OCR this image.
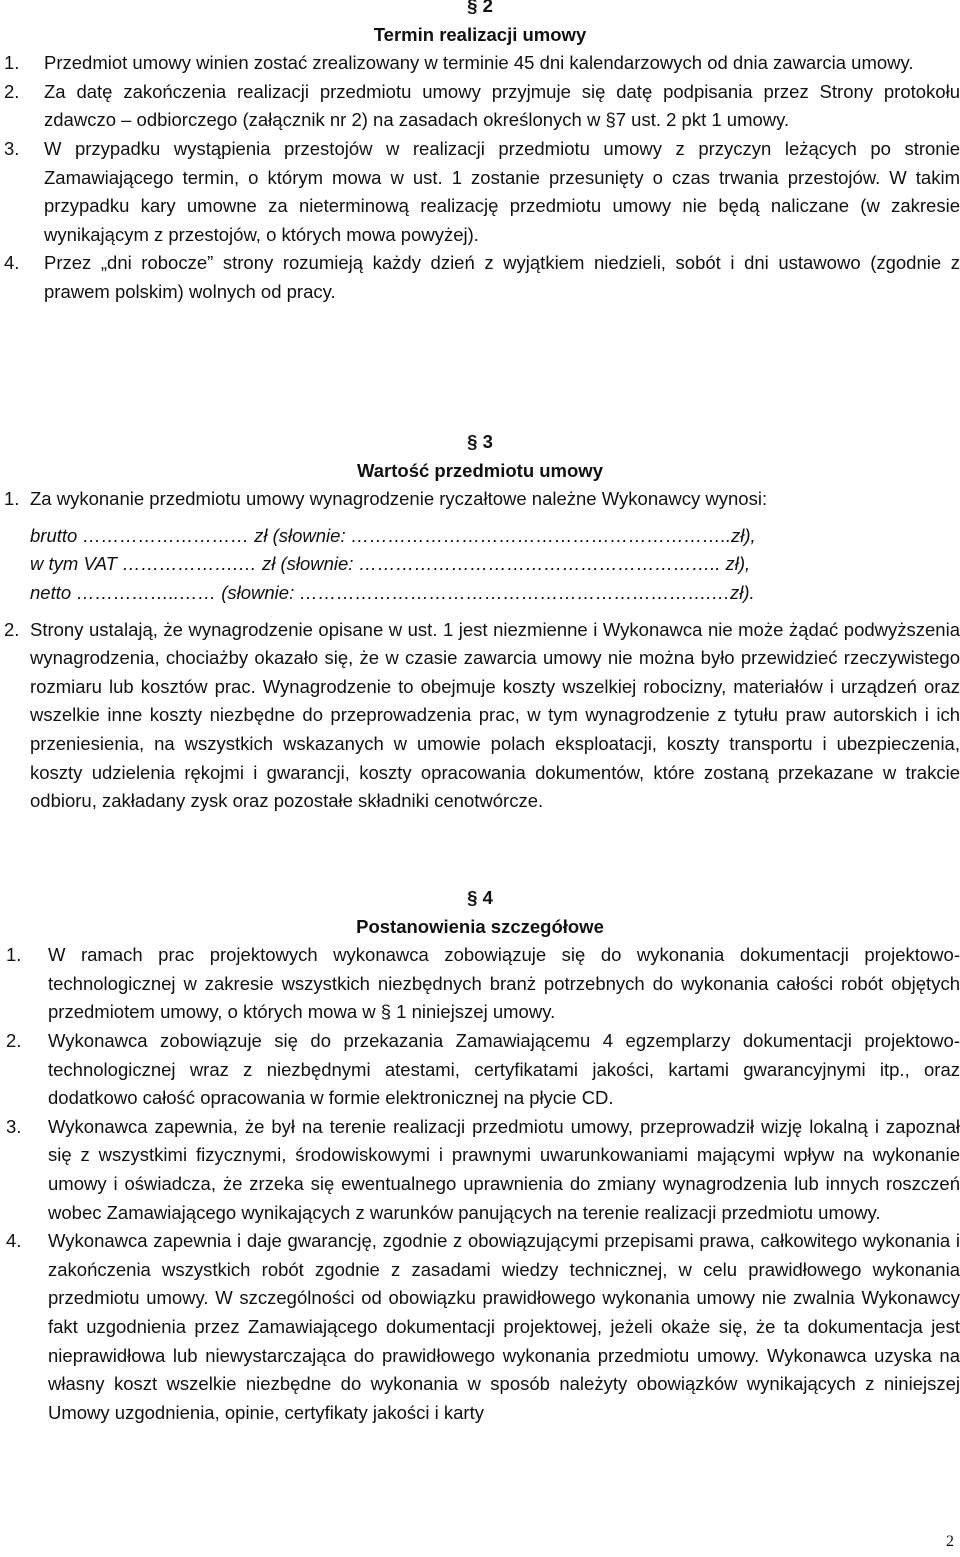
§ 2
Termin realizacji umowy
1. Przedmiot umowy winien zostać zrealizowany w terminie 45 dni kalendarzowych od dnia zawarcia umowy.
2. Za datę zakończenia realizacji przedmiotu umowy przyjmuje się datę podpisania przez Strony protokołu zdawczo – odbiorczego (załącznik nr 2) na zasadach określonych w §7 ust. 2 pkt 1 umowy.
3. W przypadku wystąpienia przestojów w realizacji przedmiotu umowy z przyczyn leżących po stronie Zamawiającego termin, o którym mowa w ust. 1 zostanie przesunięty o czas trwania przestojów. W takim przypadku kary umowne za nieterminową realizację przedmiotu umowy nie będą naliczane (w zakresie wynikającym z przestojów, o których mowa powyżej).
4. Przez „dni robocze” strony rozumieją każdy dzień z wyjątkiem niedzieli, sobót i dni ustawowo (zgodnie z prawem polskim) wolnych od pracy.
§ 3
Wartość przedmiotu umowy
1. Za wykonanie przedmiotu umowy wynagrodzenie ryczałtowe należne Wykonawcy wynosi:
brutto ……………………… zł (słownie: ……………………………………………………..zł),
w tym VAT ……………….… zł (słownie: ………………………………………………….. zł),
netto ……………..…… (słownie: ………………………………………………………….…zł).
2. Strony ustalają, że wynagrodzenie opisane w ust. 1 jest niezmienne i Wykonawca nie może żądać podwyższenia wynagrodzenia, chociażby okazało się, że w czasie zawarcia umowy nie można było przewidzieć rzeczywistego rozmiaru lub kosztów prac. Wynagrodzenie to obejmuje koszty wszelkiej robocizny, materiałów i urządzeń oraz wszelkie inne koszty niezbędne do przeprowadzenia prac, w tym wynagrodzenie z tytułu praw autorskich i ich przeniesienia, na wszystkich wskazanych w umowie polach eksploatacji, koszty transportu i ubezpieczenia, koszty udzielenia rękojmi i gwarancji, koszty opracowania dokumentów, które zostaną przekazane w trakcie odbioru, zakładany zysk oraz pozostałe składniki cenotwórcze.
§ 4
Postanowienia szczegółowe
1. W ramach prac projektowych wykonawca zobowiązuje się do wykonania dokumentacji projektowo-technologicznej w zakresie wszystkich niezbędnych branż potrzebnych do wykonania całości robót objętych przedmiotem umowy, o których mowa w § 1 niniejszej umowy.
2. Wykonawca zobowiązuje się do przekazania Zamawiającemu 4 egzemplarzy dokumentacji projektowo-technologicznej wraz z niezbędnymi atestami, certyfikatami jakości, kartami gwarancyjnymi itp., oraz dodatkowo całość opracowania w formie elektronicznej na płycie CD.
3. Wykonawca zapewnia, że był na terenie realizacji przedmiotu umowy, przeprowadził wizję lokalną i zapoznał się z wszystkimi fizycznymi, środowiskowymi i prawnymi uwarunkowaniami mającymi wpływ na wykonanie umowy i oświadcza, że zrzeka się ewentualnego uprawnienia do zmiany wynagrodzenia lub innych roszczeń wobec Zamawiającego wynikających z warunków panujących na terenie realizacji przedmiotu umowy.
4. Wykonawca zapewnia i daje gwarancję, zgodnie z obowiązującymi przepisami prawa, całkowitego wykonania i zakończenia wszystkich robót zgodnie z zasadami wiedzy technicznej, w celu prawidłowego wykonania przedmiotu umowy. W szczególności od obowiązku prawidłowego wykonania umowy nie zwalnia Wykonawcy fakt uzgodnienia przez Zamawiającego dokumentacji projektowej, jeżeli okaże się, że ta dokumentacja jest nieprawidłowa lub niewystarczająca do prawidłowego wykonania przedmiotu umowy. Wykonawca uzyska na własny koszt wszelkie niezbędne do wykonania w sposób należyty obowiązków wynikających z niniejszej Umowy uzgodnienia, opinie, certyfikaty jakości i karty
2
